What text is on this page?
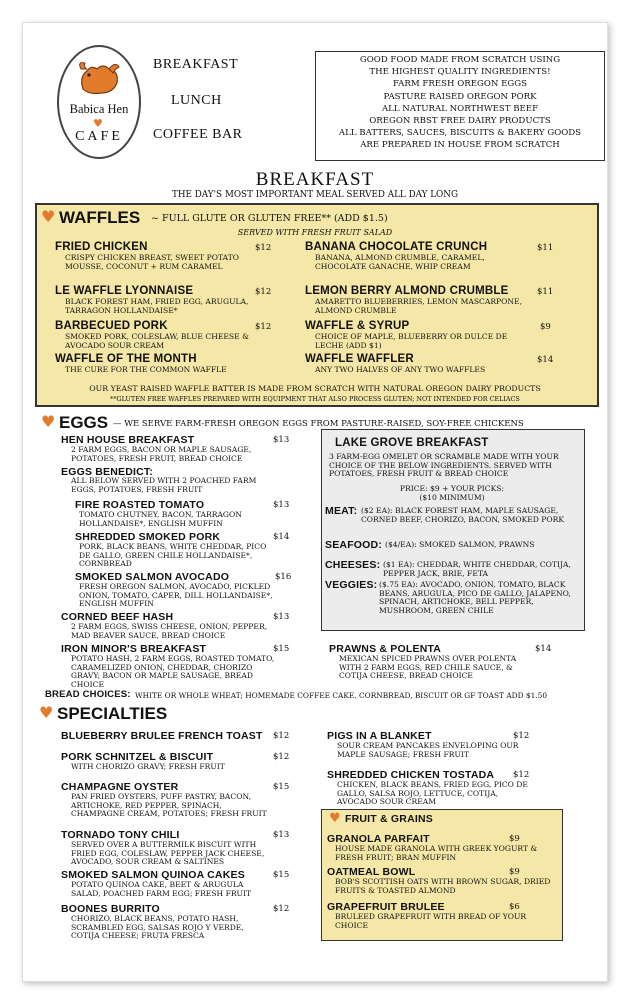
Babica Hen
♥
CAFE
BREAKFAST
LUNCH
COFFEE BAR
GOOD FOOD MADE FROM SCRATCH USING
THE HIGHEST QUALITY INGREDIENTS!
FARM FRESH OREGON EGGS
PASTURE RAISED OREGON PORK
ALL NATURAL NORTHWEST BEEF
OREGON RBST FREE DAIRY PRODUCTS
ALL BATTERS, SAUCES, BISCUITS & BAKERY GOODS
ARE PREPARED IN HOUSE FROM SCRATCH
BREAKFAST
THE DAY'S MOST IMPORTANT MEAL SERVED ALL DAY LONG
♥ WAFFLES ~ FULL GLUTE OR GLUTEN FREE** (ADD $1.5)
SERVED WITH FRESH FRUIT SALAD
FRIED CHICKEN	$12
CRISPY CHICKEN BREAST, SWEET POTATO MOUSSE, COCONUT + RUM CARAMEL
LE WAFFLE LYONNAISE	$12
BLACK FOREST HAM, FRIED EGG, ARUGULA, TARRAGON HOLLANDAISE*
BARBECUED PORK	$12
SMOKED PORK, COLESLAW, BLUE CHEESE & AVOCADO SOUR CREAM
WAFFLE OF THE MONTH
THE CURE FOR THE COMMON WAFFLE
BANANA CHOCOLATE CRUNCH	$11
BANANA, ALMOND CRUMBLE, CARAMEL, CHOCOLATE GANACHE, WHIP CREAM
LEMON BERRY ALMOND CRUMBLE	$11
AMARETTO BLUEBERRIES, LEMON MASCARPONE, ALMOND CRUMBLE
WAFFLE & SYRUP	$9
CHOICE OF MAPLE, BLUEBERRY OR DULCE DE LECHE (ADD $1)
WAFFLE WAFFLER	$14
ANY TWO HALVES OF ANY TWO WAFFLES
OUR YEAST RAISED WAFFLE BATTER IS MADE FROM SCRATCH WITH NATURAL OREGON DAIRY PRODUCTS
**GLUTEN FREE WAFFLES PREPARED WITH EQUIPMENT THAT ALSO PROCESS GLUTEN; NOT INTENDED FOR CELIACS
♥ EGGS — WE SERVE FARM-FRESH OREGON EGGS FROM PASTURE-RAISED, SOY-FREE CHICKENS
HEN HOUSE BREAKFAST	$13
2 FARM EGGS, BACON OR MAPLE SAUSAGE, POTATOES, FRESH FRUIT, BREAD CHOICE
EGGS BENEDICT:
ALL BELOW SERVED WITH 2 POACHED FARM EGGS, POTATOES, FRESH FRUIT
FIRE ROASTED TOMATO	$13
TOMATO CHUTNEY, BACON, TARRAGON HOLLANDAISE*, ENGLISH MUFFIN
SHREDDED SMOKED PORK	$14
PORK, BLACK BEANS, WHITE CHEDDAR, PICO DE GALLO, GREEN CHILE HOLLANDAISE*, CORNBREAD
SMOKED SALMON AVOCADO	$16
FRESH OREGON SALMON, AVOCADO, PICKLED ONION, TOMATO, CAPER, DILL HOLLANDAISE*, ENGLISH MUFFIN
CORNED BEEF HASH	$13
2 FARM EGGS, SWISS CHEESE, ONION, PEPPER, MAD BEAVER SAUCE, BREAD CHOICE
IRON MINOR'S BREAKFAST	$15
POTATO HASH, 2 FARM EGGS, ROASTED TOMATO, CARAMELIZED ONION, CHEDDAR, CHORIZO GRAVY; BACON OR MAPLE SAUSAGE, BREAD CHOICE
LAKE GROVE BREAKFAST
3 FARM-EGG OMELET OR SCRAMBLE MADE WITH YOUR CHOICE OF THE BELOW INGREDIENTS. SERVED WITH POTATOES, FRESH FRUIT & BREAD CHOICE
PRICE: $9 + YOUR PICKS:
($10 MINIMUM)
MEAT: ($2 EA): BLACK FOREST HAM, MAPLE SAUSAGE, CORNED BEEF, CHORIZO, BACON, SMOKED PORK
SEAFOOD: ($4/EA): SMOKED SALMON, PRAWNS
CHEESES: ($1 EA): CHEDDAR, WHITE CHEDDAR, COTIJA, PEPPER JACK, BRIE, FETA
VEGGIES: ($.75 EA): AVOCADO, ONION, TOMATO, BLACK BEANS, ARUGULA, PICO DE GALLO, JALAPENO, SPINACH, ARTICHOKE, BELL PEPPER, MUSHROOM, GREEN CHILE
PRAWNS & POLENTA	$14
MEXICAN SPICED PRAWNS OVER POLENTA WITH 2 FARM EGGS, RED CHILE SAUCE, & COTIJA CHEESE, BREAD CHOICE
BREAD CHOICES: WHITE OR WHOLE WHEAT; HOMEMADE COFFEE CAKE, CORNBREAD, BISCUIT OR GF TOAST ADD $1.50
♥ SPECIALTIES
BLUEBERRY BRULEE FRENCH TOAST $12
PORK SCHNITZEL & BISCUIT	$12
WITH CHORIZO GRAVY; FRESH FRUIT
CHAMPAGNE OYSTER	$15
PAN FRIED OYSTERS, PUFF PASTRY, BACON, ARTICHOKE, RED PEPPER, SPINACH, CHAMPAGNE CREAM, POTATOES; FRESH FRUIT
TORNADO TONY CHILI	$13
SERVED OVER A BUTTERMILK BISCUIT WITH FRIED EGG, COLESLAW, PEPPER JACK CHEESE, AVOCADO, SOUR CREAM & SALTINES
SMOKED SALMON QUINOA CAKES	$15
POTATO QUINOA CAKE, BEET & ARUGULA SALAD, POACHED FARM EGG; FRESH FRUIT
BOONES BURRITO	$12
CHORIZO, BLACK BEANS, POTATO HASH, SCRAMBLED EGG, SALSAS ROJO Y VERDE, COTIJA CHEESE; FRUTA FRESCA
PIGS IN A BLANKET	$12
SOUR CREAM PANCAKES ENVELOPING OUR MAPLE SAUSAGE; FRESH FRUIT
SHREDDED CHICKEN TOSTADA $12
CHICKEN, BLACK BEANS, FRIED EGG, PICO DE GALLO, SALSA ROJO, LETTUCE, COTIJA, AVOCADO SOUR CREAM
♥ FRUIT & GRAINS
GRANOLA PARFAIT	$9
HOUSE MADE GRANOLA WITH GREEK YOGURT & FRESH FRUIT; BRAN MUFFIN
OATMEAL BOWL	$9
BOB'S SCOTTISH OATS WITH BROWN SUGAR, DRIED FRUITS & TOASTED ALMOND
GRAPEFRUIT BRULEE	$6
BRULEED GRAPEFRUIT WITH BREAD OF YOUR CHOICE
